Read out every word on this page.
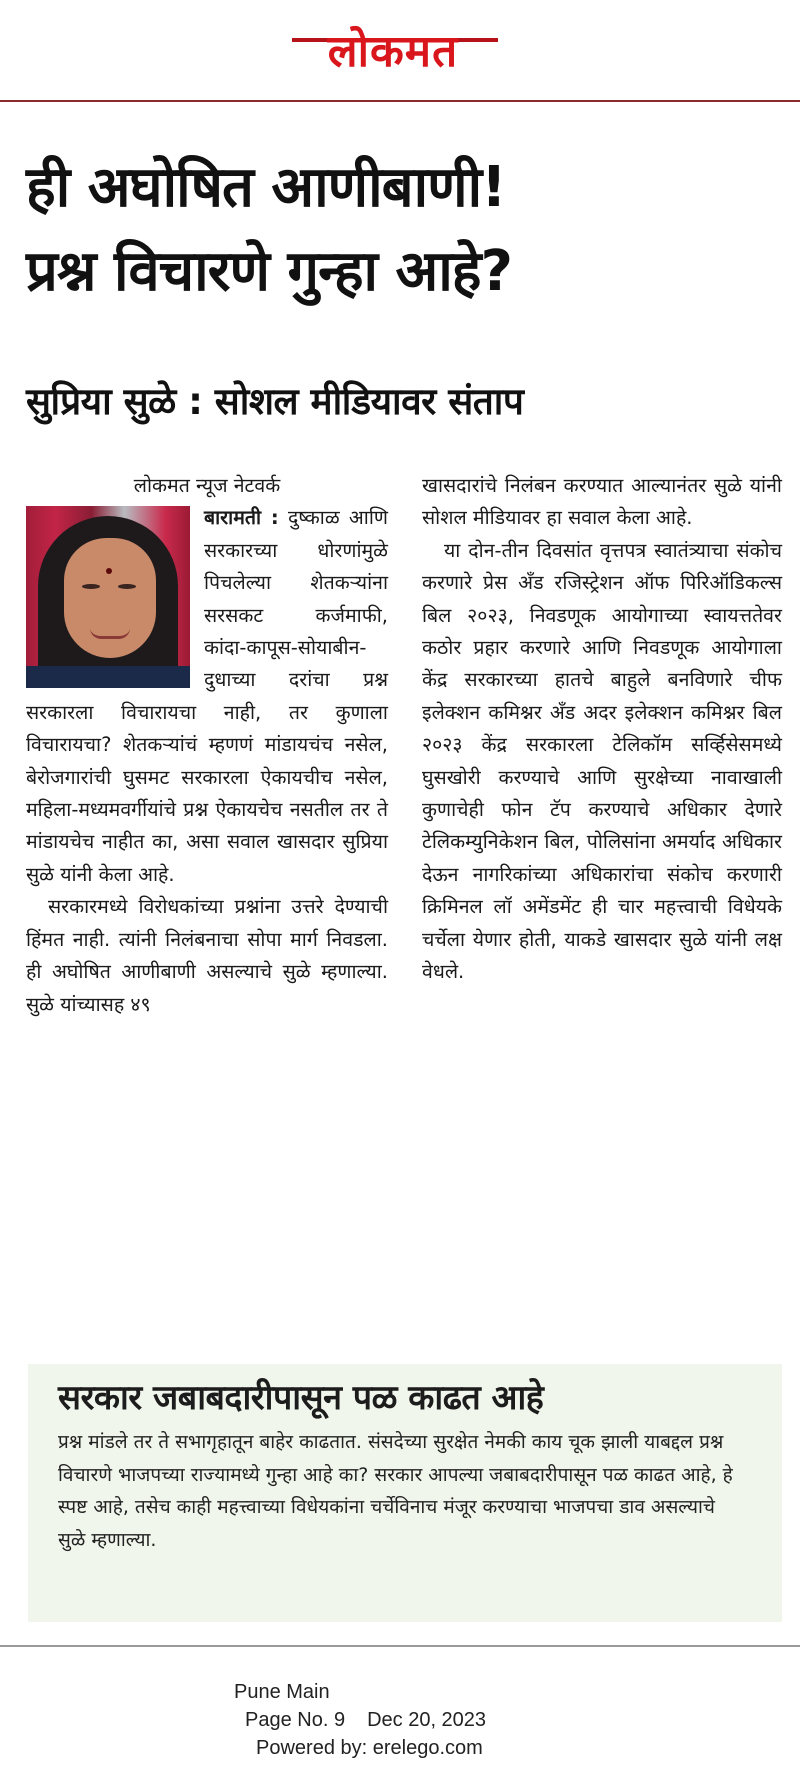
लोकमत
ही अघोषित आणीबाणी!
प्रश्न विचारणे गुन्हा आहे?
सुप्रिया सुळे : सोशल मीडियावर संताप
लोकमत न्यूज नेटवर्क

बारामती : दुष्काळ आणि सरकारच्या धोरणांमुळे पिचलेल्या शेतकऱ्यांना सरसकट कर्जमाफी, कांदा-कापूस-सोयाबीन-दुधाच्या दरांचा प्रश्न सरकारला विचारायचा नाही, तर कुणाला विचारायचा? शेतकऱ्यांचं म्हणणं मांडायचंच नसेल, बेरोजगारांची घुसमट सरकारला ऐकायचीच नसेल, महिला-मध्यमवर्गीयांचे प्रश्न ऐकायचेच नसतील तर ते मांडायचेच नाहीत का, असा सवाल खासदार सुप्रिया सुळे यांनी केला आहे.

सरकारमध्ये विरोधकांच्या प्रश्नांना उत्तरे देण्याची हिंमत नाही. त्यांनी निलंबनाचा सोपा मार्ग निवडला. ही अघोषित आणीबाणी असल्याचे सुळे म्हणाल्या. सुळे यांच्यासह ४९

खासदारांचे निलंबन करण्यात आल्यानंतर सुळे यांनी सोशल मीडियावर हा सवाल केला आहे.

या दोन-तीन दिवसांत वृत्तपत्र स्वातंत्र्याचा संकोच करणारे प्रेस अँड रजिस्ट्रेशन ऑफ पिरिऑडिकल्स बिल २०२३, निवडणूक आयोगाच्या स्वायत्ततेवर कठोर प्रहार करणारे आणि निवडणूक आयोगाला केंद्र सरकारच्या हातचे बाहुले बनविणारे चीफ इलेक्शन कमिश्नर अँड अदर इलेक्शन कमिश्नर बिल २०२३ केंद्र सरकारला टेलिकॉम सर्व्हिसेसमध्ये घुसखोरी करण्याचे आणि सुरक्षेच्या नावाखाली कुणाचेही फोन टॅप करण्याचे अधिकार देणारे टेलिकम्युनिकेशन बिल, पोलिसांना अमर्याद अधिकार देऊन नागरिकांच्या अधिकारांचा संकोच करणारी क्रिमिनल लॉ अमेंडमेंट ही चार महत्त्वाची विधेयके चर्चेला येणार होती, याकडे खासदार सुळे यांनी लक्ष वेधले.

सरकार जबाबदारीपासून पळ काढत आहे
प्रश्न मांडले तर ते सभागृहातून बाहेर काढतात. संसदेच्या सुरक्षेत नेमकी काय चूक झाली याबद्दल प्रश्न विचारणे भाजपच्या राज्यामध्ये गुन्हा आहे का? सरकार आपल्या जबाबदारीपासून पळ काढत आहे, हे स्पष्ट आहे, तसेच काही महत्त्वाच्या विधेयकांना चर्चेविनाच मंजूर करण्याचा भाजपचा डाव असल्याचे सुळे म्हणाल्या.
Pune Main
Page No. 9 Dec 20, 2023
Powered by: erelego.com
